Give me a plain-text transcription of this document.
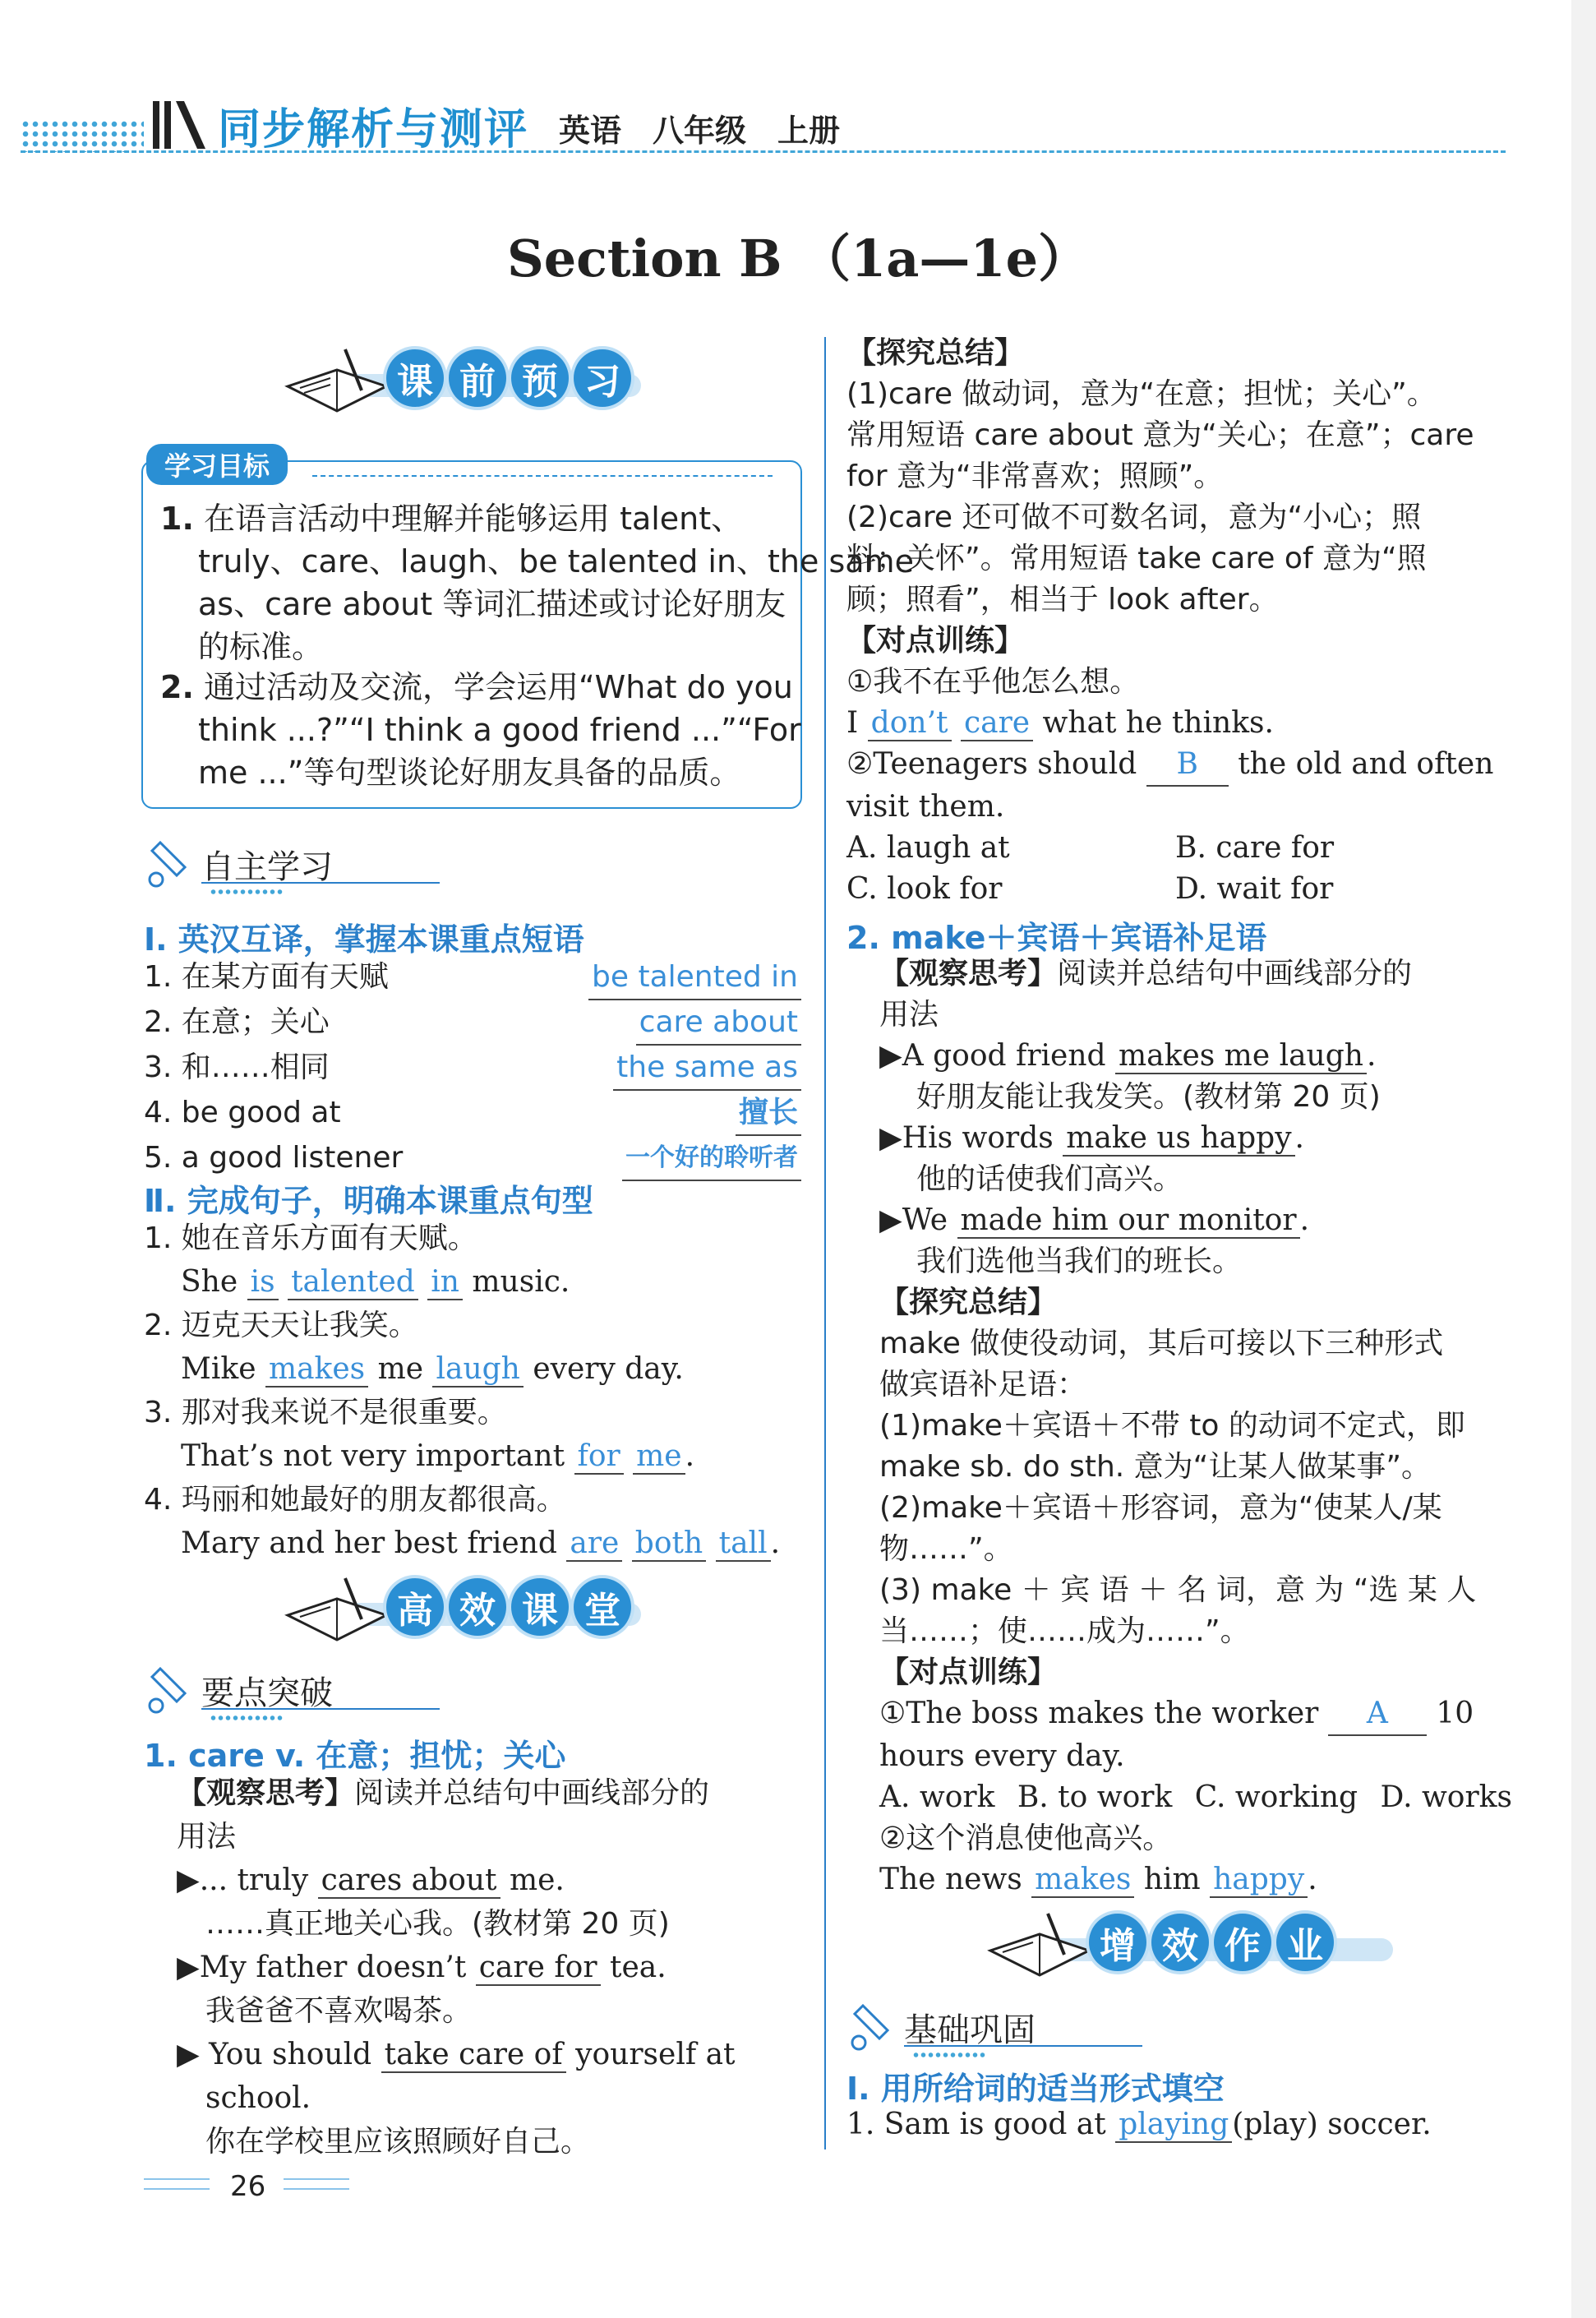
同步解析与测评 英语　八年级　上册
Section B （1a—1e）
课 前 预 习
学习目标
1. 在语言活动中理解并能够运用 talent、
truly、care、laugh、be talented in、the same
as、care about 等词汇描述或讨论好朋友
的标准。
2. 通过活动及交流，学会运用“What do you
think ...?”“I think a good friend ...”“For
me ...”等句型谈论好朋友具备的品质。
自主学习
Ⅰ. 英汉互译，掌握本课重点短语
1. 在某方面有天赋	be talented in
2. 在意；关心	care about
3. 和……相同	the same as
4. be good at	擅长
5. a good listener	一个好的聆听者
Ⅱ. 完成句子，明确本课重点句型
1. 她在音乐方面有天赋。
She is talented in music.
2. 迈克天天让我笑。
Mike makes me laugh every day.
3. 那对我来说不是很重要。
That’s not very important for me .
4. 玛丽和她最好的朋友都很高。
Mary and her best friend are both tall .
高 效 课 堂
要点突破
1. care v. 在意；担忧；关心
【观察思考】阅读并总结句中画线部分的
用法
▶... truly cares about me.
……真正地关心我。(教材第 20 页)
▶My father doesn’t care for tea.
我爸爸不喜欢喝茶。
▶ You should take care of yourself at
school.
你在学校里应该照顾好自己。
26
【探究总结】
(1)care 做动词，意为“在意；担忧；关心”。
常用短语 care about 意为“关心；在意”；care
for 意为“非常喜欢；照顾”。
(2)care 还可做不可数名词，意为“小心；照
料；关怀”。常用短语 take care of 意为“照
顾；照看”，相当于 look after。
【对点训练】
①我不在乎他怎么想。
I don’t care what he thinks.
②Teenagers should B the old and often
visit them.
A. laugh at	B. care for
C. look for	D. wait for
2. make＋宾语＋宾语补足语
【观察思考】阅读并总结句中画线部分的
用法
▶A good friend makes me laugh .
好朋友能让我发笑。(教材第 20 页)
▶His words make us happy .
他的话使我们高兴。
▶We made him our monitor .
我们选他当我们的班长。
【探究总结】
make 做使役动词，其后可接以下三种形式
做宾语补足语：
(1)make＋宾语＋不带 to 的动词不定式，即
make sb. do sth. 意为“让某人做某事”。
(2)make＋宾语＋形容词，意为“使某人/某
物……”。
(3) make ＋ 宾 语 ＋ 名 词，意 为 “选 某 人
当……；使……成为……”。
【对点训练】
①The boss makes the worker A 10
hours every day.
A. work B. to work C. working D. works
②这个消息使他高兴。
The news makes him happy .
增 效 作 业
基础巩固
Ⅰ. 用所给词的适当形式填空
1. Sam is good at playing (play) soccer.
